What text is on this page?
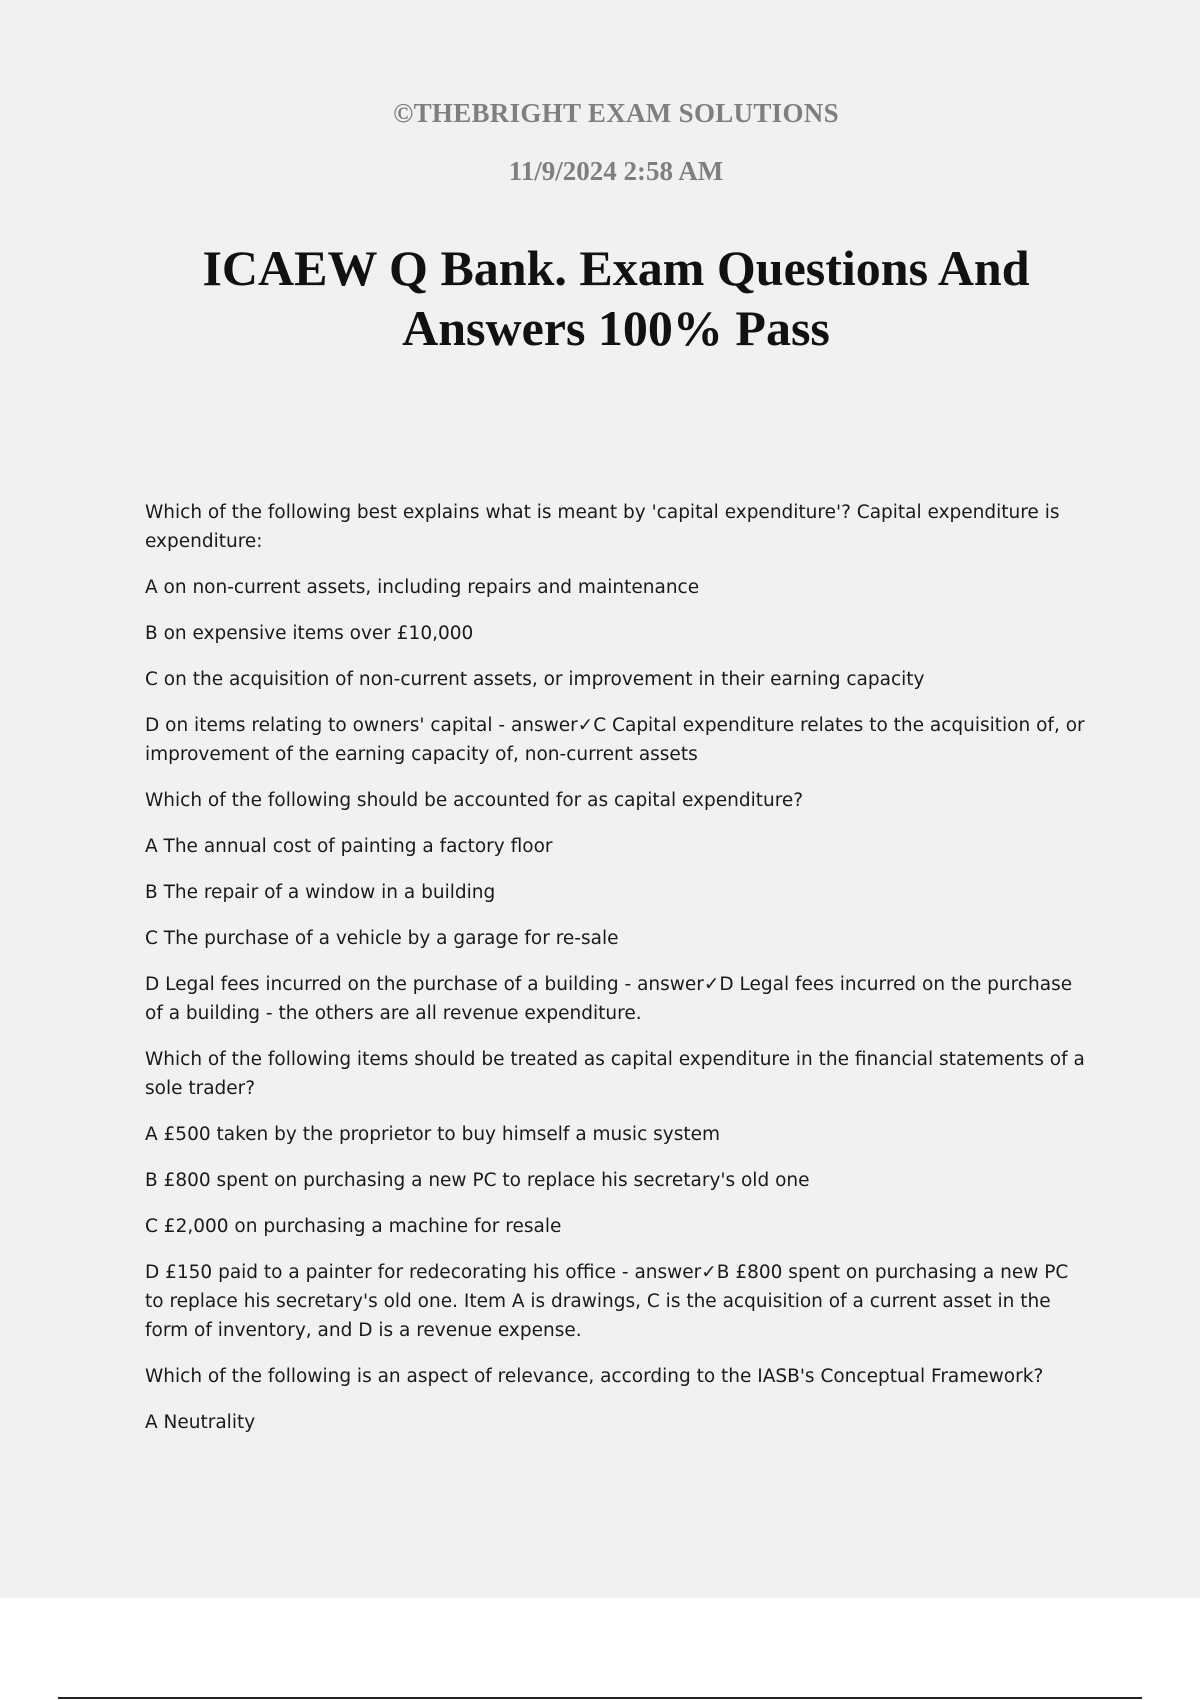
©THEBRIGHT EXAM SOLUTIONS
11/9/2024 2:58 AM
ICAEW Q Bank. Exam Questions And Answers 100% Pass

Which of the following best explains what is meant by 'capital expenditure'? Capital expenditure is expenditure:

A on non-current assets, including repairs and maintenance

B on expensive items over £10,000

C on the acquisition of non-current assets, or improvement in their earning capacity

D on items relating to owners' capital - answer✓C Capital expenditure relates to the acquisition of, or improvement of the earning capacity of, non-current assets

Which of the following should be accounted for as capital expenditure?

A The annual cost of painting a factory floor

B The repair of a window in a building

C The purchase of a vehicle by a garage for re-sale

D Legal fees incurred on the purchase of a building - answer✓D Legal fees incurred on the purchase of a building - the others are all revenue expenditure.

Which of the following items should be treated as capital expenditure in the financial statements of a sole trader?

A £500 taken by the proprietor to buy himself a music system

B £800 spent on purchasing a new PC to replace his secretary's old one

C £2,000 on purchasing a machine for resale

D £150 paid to a painter for redecorating his office - answer✓B £800 spent on purchasing a new PC to replace his secretary's old one. Item A is drawings, C is the acquisition of a current asset in the form of inventory, and D is a revenue expense.

Which of the following is an aspect of relevance, according to the IASB's Conceptual Framework?

A Neutrality
